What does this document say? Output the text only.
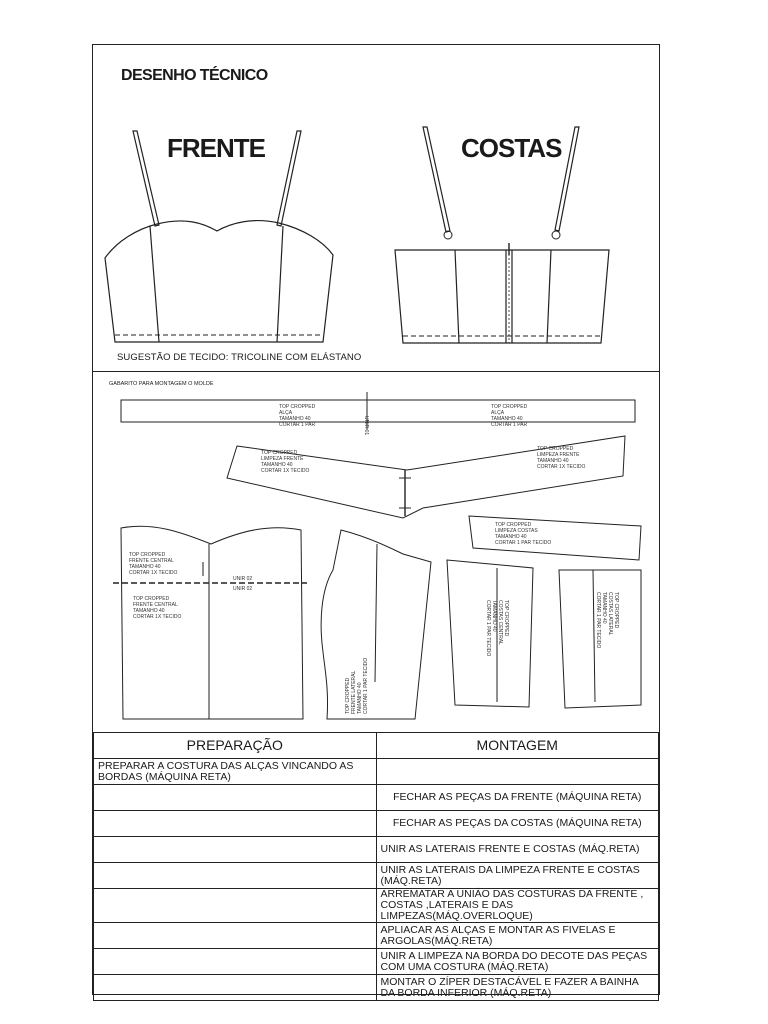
DESENHO TÉCNICO
FRENTE	COSTAS
SUGESTÃO DE TECIDO: TRICOLINE COM ELÁSTANO
GABARITO PARA MONTAGEM O MOLDE
TOP CROPPED
ALÇA
TAMANHO 40
CORTAR 1 PAR
TOP CROPPED
ALÇA
TAMANHO 40
CORTAR 1 PAR
UNIR 01
TOP CROPPED
LIMPEZA FRENTE
TAMANHO 40
CORTAR 1X TECIDO
TOP CROPPED
LIMPEZA FRENTE
TAMANHO 40
CORTAR 1X TECIDO
TOP CROPPED
LIMPEZA COSTAS
TAMANHO 40
CORTAR 1 PAR TECIDO
TOP CROPPED
FRENTE CENTRAL
TAMANHO 40
CORTAR 1X TECIDO
TOP CROPPED
FRENTE CENTRAL
TAMANHO 40
CORTAR 1X TECIDO
UNIR 02
UNIR 02
TOP CROPPED FRENTE LATERAL TAMANHO 40 CORTAR 1 PAR TECIDO
TOP CROPPED
COSTAS CENTRAL
TAMANHO 40
CORTAR 1 PAR TECIDO	TOP CROPPED
COSTAS LATERAL
TAMANHO 40
CORTAR 1 PAR TECIDO
PREPARAÇÃO	MONTAGEM
PREPARAR A COSTURA DAS ALÇAS VINCANDO AS BORDAS (MÁQUINA RETA)	
	FECHAR AS PEÇAS DA FRENTE (MÁQUINA RETA)
	FECHAR AS PEÇAS DA COSTAS (MÁQUINA RETA)
	UNIR AS LATERAIS FRENTE E COSTAS (MÁQ.RETA)
	UNIR AS LATERAIS DA LIMPEZA FRENTE E COSTAS (MÁQ.RETA)
	ARREMATAR A UNIÃO DAS COSTURAS DA FRENTE , COSTAS ,LATERAIS E DAS LIMPEZAS(MÁQ.OVERLOQUE)
	APLIACAR AS ALÇAS E MONTAR AS FIVELAS E ARGOLAS(MÁQ.RETA)
	UNIR A LIMPEZA NA BORDA DO DECOTE DAS PEÇAS COM UMA COSTURA (MÁQ.RETA)
	MONTAR O ZÍPER DESTACÁVEL E FAZER A BAINHA DA BORDA INFERIOR (MÁQ.RETA)
